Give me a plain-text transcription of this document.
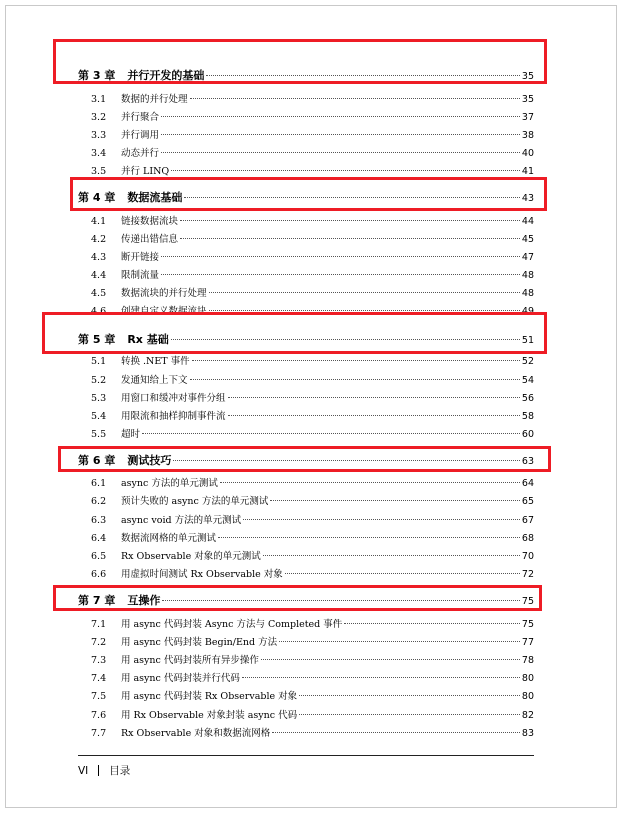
第 3 章 并行开发的基础	35
3.1	数据的并行处理	35
3.2	并行聚合	37
3.3	并行调用	38
3.4	动态并行	40
3.5	并行 LINQ	41
第 4 章 数据流基础	43
4.1	链接数据流块	44
4.2	传递出错信息	45
4.3	断开链接	47
4.4	限制流量	48
4.5	数据流块的并行处理	48
4.6	创建自定义数据流块	49
第 5 章 Rx 基础	51
5.1	转换 .NET 事件	52
5.2	发通知给上下文	54
5.3	用窗口和缓冲对事件分组	56
5.4	用限流和抽样抑制事件流	58
5.5	超时	60
第 6 章 测试技巧	63
6.1	async 方法的单元测试	64
6.2	预计失败的 async 方法的单元测试	65
6.3	async void 方法的单元测试	67
6.4	数据流网格的单元测试	68
6.5	Rx Observable 对象的单元测试	70
6.6	用虚拟时间测试 Rx Observable 对象	72
第 7 章 互操作	75
7.1	用 async 代码封装 Async 方法与 Completed 事件	75
7.2	用 async 代码封装 Begin/End 方法	77
7.3	用 async 代码封装所有异步操作	78
7.4	用 async 代码封装并行代码	80
7.5	用 async 代码封装 Rx Observable 对象	80
7.6	用 Rx Observable 对象封装 async 代码	82
7.7	Rx Observable 对象和数据流网格	83
VI 目录
